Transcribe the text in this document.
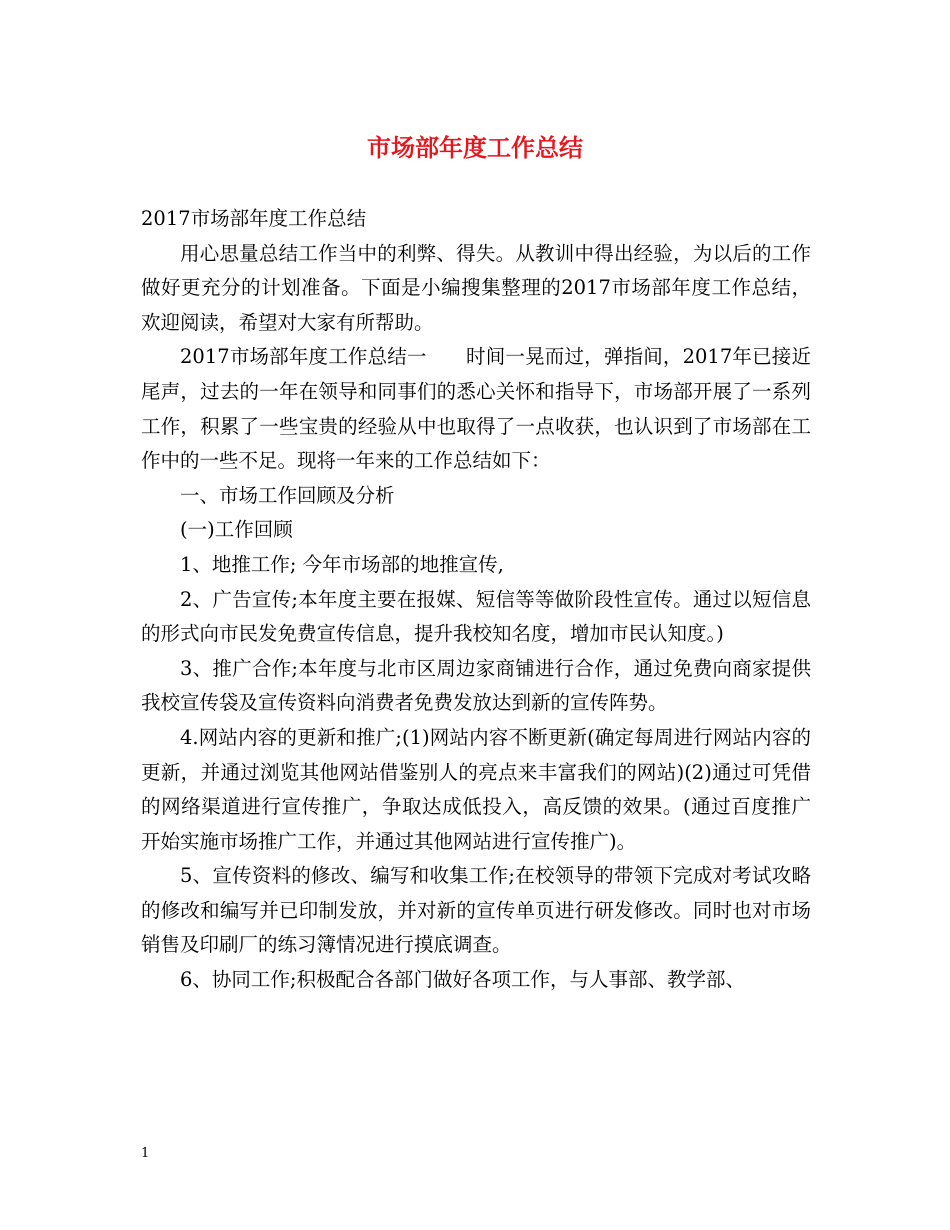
市场部年度工作总结

2017市场部年度工作总结

用心思量总结工作当中的利弊、得失。从教训中得出经验，为以后的工作做好更充分的计划准备。下面是小编搜集整理的2017市场部年度工作总结，欢迎阅读，希望对大家有所帮助。

2017市场部年度工作总结一　　时间一晃而过，弹指间，2017年已接近尾声，过去的一年在领导和同事们的悉心关怀和指导下，市场部开展了一系列工作，积累了一些宝贵的经验从中也取得了一点收获，也认识到了市场部在工作中的一些不足。现将一年来的工作总结如下：

一、市场工作回顾及分析

(一)工作回顾

1、地推工作; 今年市场部的地推宣传,

2、广告宣传;本年度主要在报媒、短信等等做阶段性宣传。通过以短信息的形式向市民发免费宣传信息，提升我校知名度，增加市民认知度。)

3、推广合作;本年度与北市区周边家商铺进行合作，通过免费向商家提供我校宣传袋及宣传资料向消费者免费发放达到新的宣传阵势。

4.网站内容的更新和推广;(1)网站内容不断更新(确定每周进行网站内容的更新，并通过浏览其他网站借鉴别人的亮点来丰富我们的网站)(2)通过可凭借的网络渠道进行宣传推广，争取达成低投入，高反馈的效果。(通过百度推广开始实施市场推广工作，并通过其他网站进行宣传推广)。

5、宣传资料的修改、编写和收集工作;在校领导的带领下完成对考试攻略的修改和编写并已印制发放，并对新的宣传单页进行研发修改。同时也对市场销售及印刷厂的练习簿情况进行摸底调查。

6、协同工作;积极配合各部门做好各项工作，与人事部、教学部、

1
